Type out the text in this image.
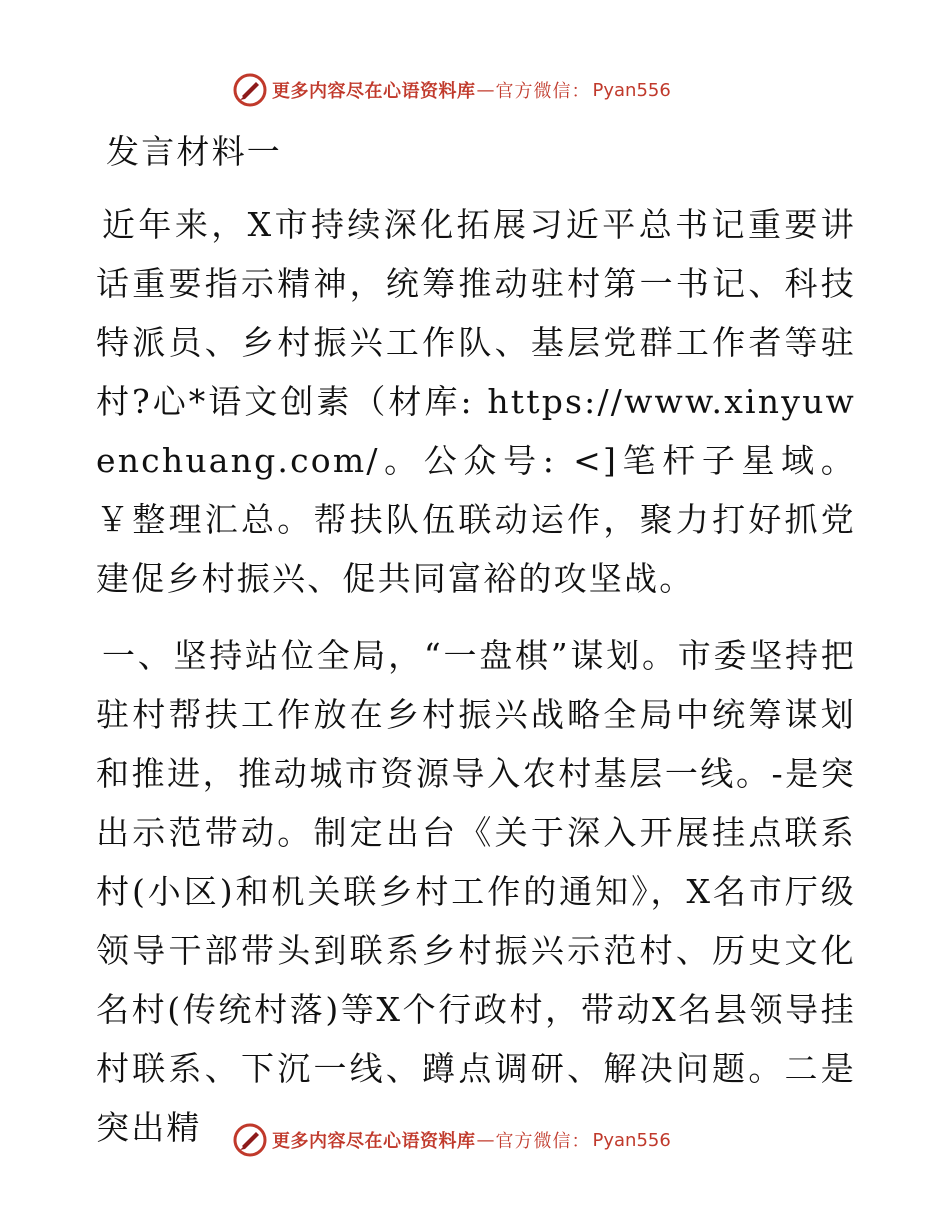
更多内容尽在心语资料库 — 官方微信： Pyan556
发言材料一

近年来，X市持续深化拓展习近平总书记重要讲话重要指示精神，统筹推动驻村第一书记、科技特派员、乡村振兴工作队、基层党群工作者等驻村?心*语文创素（材库: https://www.xinyuwenchuang.com/。公众号: <]笔杆子星域。￥整理汇总。帮扶队伍联动运作，聚力打好抓党建促乡村振兴、促共同富裕的攻坚战。

一、坚持站位全局，“一盘棋”谋划。市委坚持把驻村帮扶工作放在乡村振兴战略全局中统筹谋划和推进，推动城市资源导入农村基层一线。-是突出示范带动。制定出台《关于深入开展挂点联系村(小区)和机关联乡村工作的通知》，X名市厅级领导干部带头到联系乡村振兴示范村、历史文化名村(传统村落)等X个行政村，带动X名县领导挂村联系、下沉一线、蹲点调研、解决问题。二是突出精	更多内容尽在心语资料库 — 官方微信： Pyan556
